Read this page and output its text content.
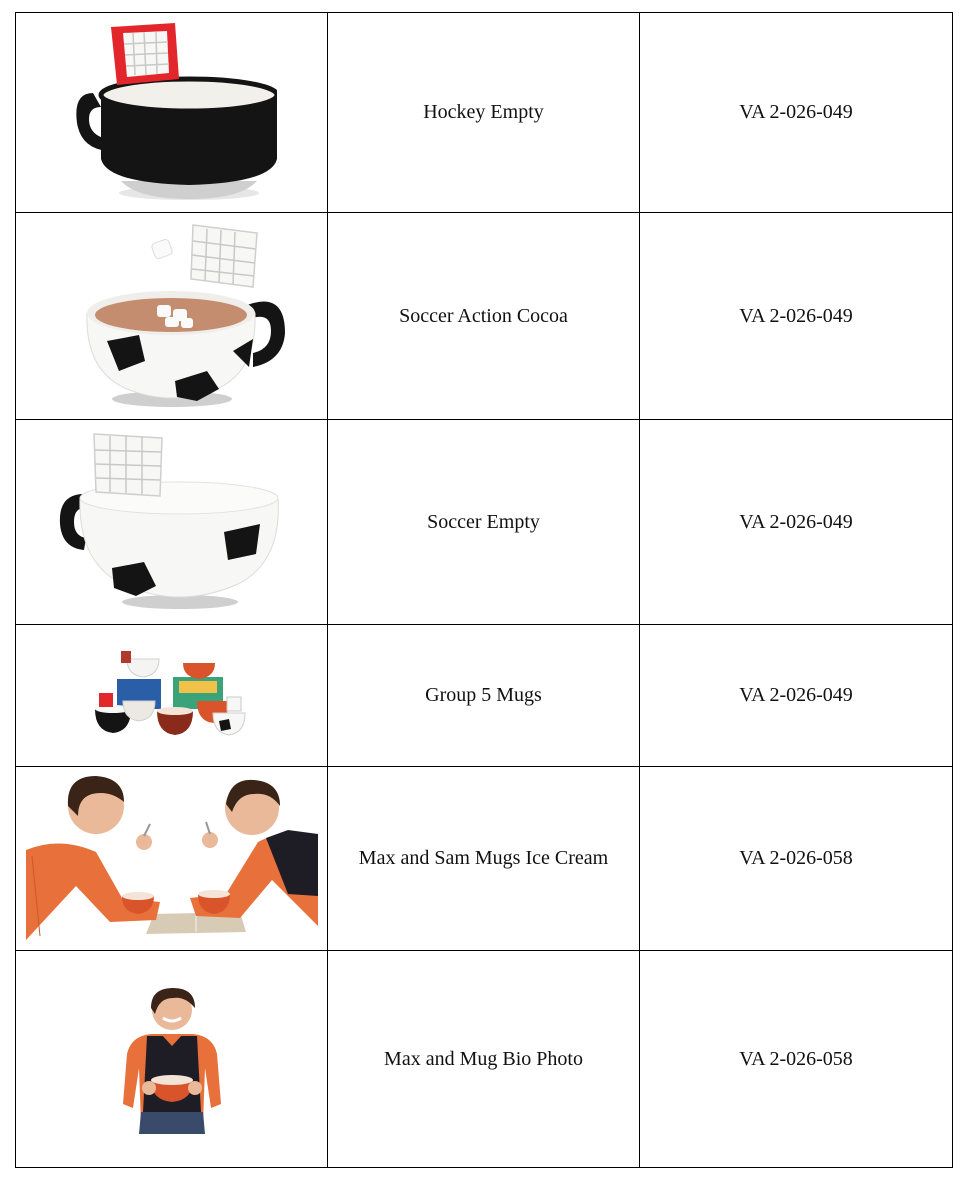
	Hockey Empty	VA 2-026-049

	Soccer Action Cocoa	VA 2-026-049

	Soccer Empty	VA 2-026-049

	Group 5 Mugs	VA 2-026-049

	Max and Sam Mugs Ice Cream	VA 2-026-058

	Max and Mug Bio Photo	VA 2-026-058
